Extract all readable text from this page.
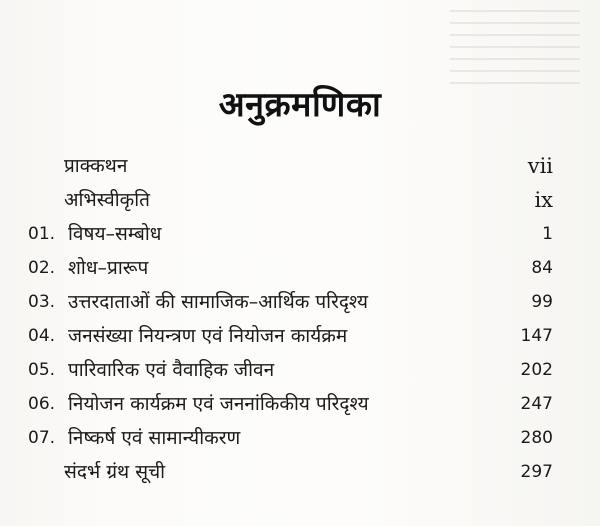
अनुक्रमणिका
प्राक्कथन	vii
अभिस्वीकृति	ix
01. विषय–सम्बोध	1
02. शोध–प्रारूप	84
03. उत्तरदाताओं की सामाजिक–आर्थिक परिदृश्य	99
04. जनसंख्या नियन्त्रण एवं नियोजन कार्यक्रम	147
05. पारिवारिक एवं वैवाहिक जीवन	202
06. नियोजन कार्यक्रम एवं जननांकिकीय परिदृश्य	247
07. निष्कर्ष एवं सामान्यीकरण	280
संदर्भ ग्रंथ सूची	297
